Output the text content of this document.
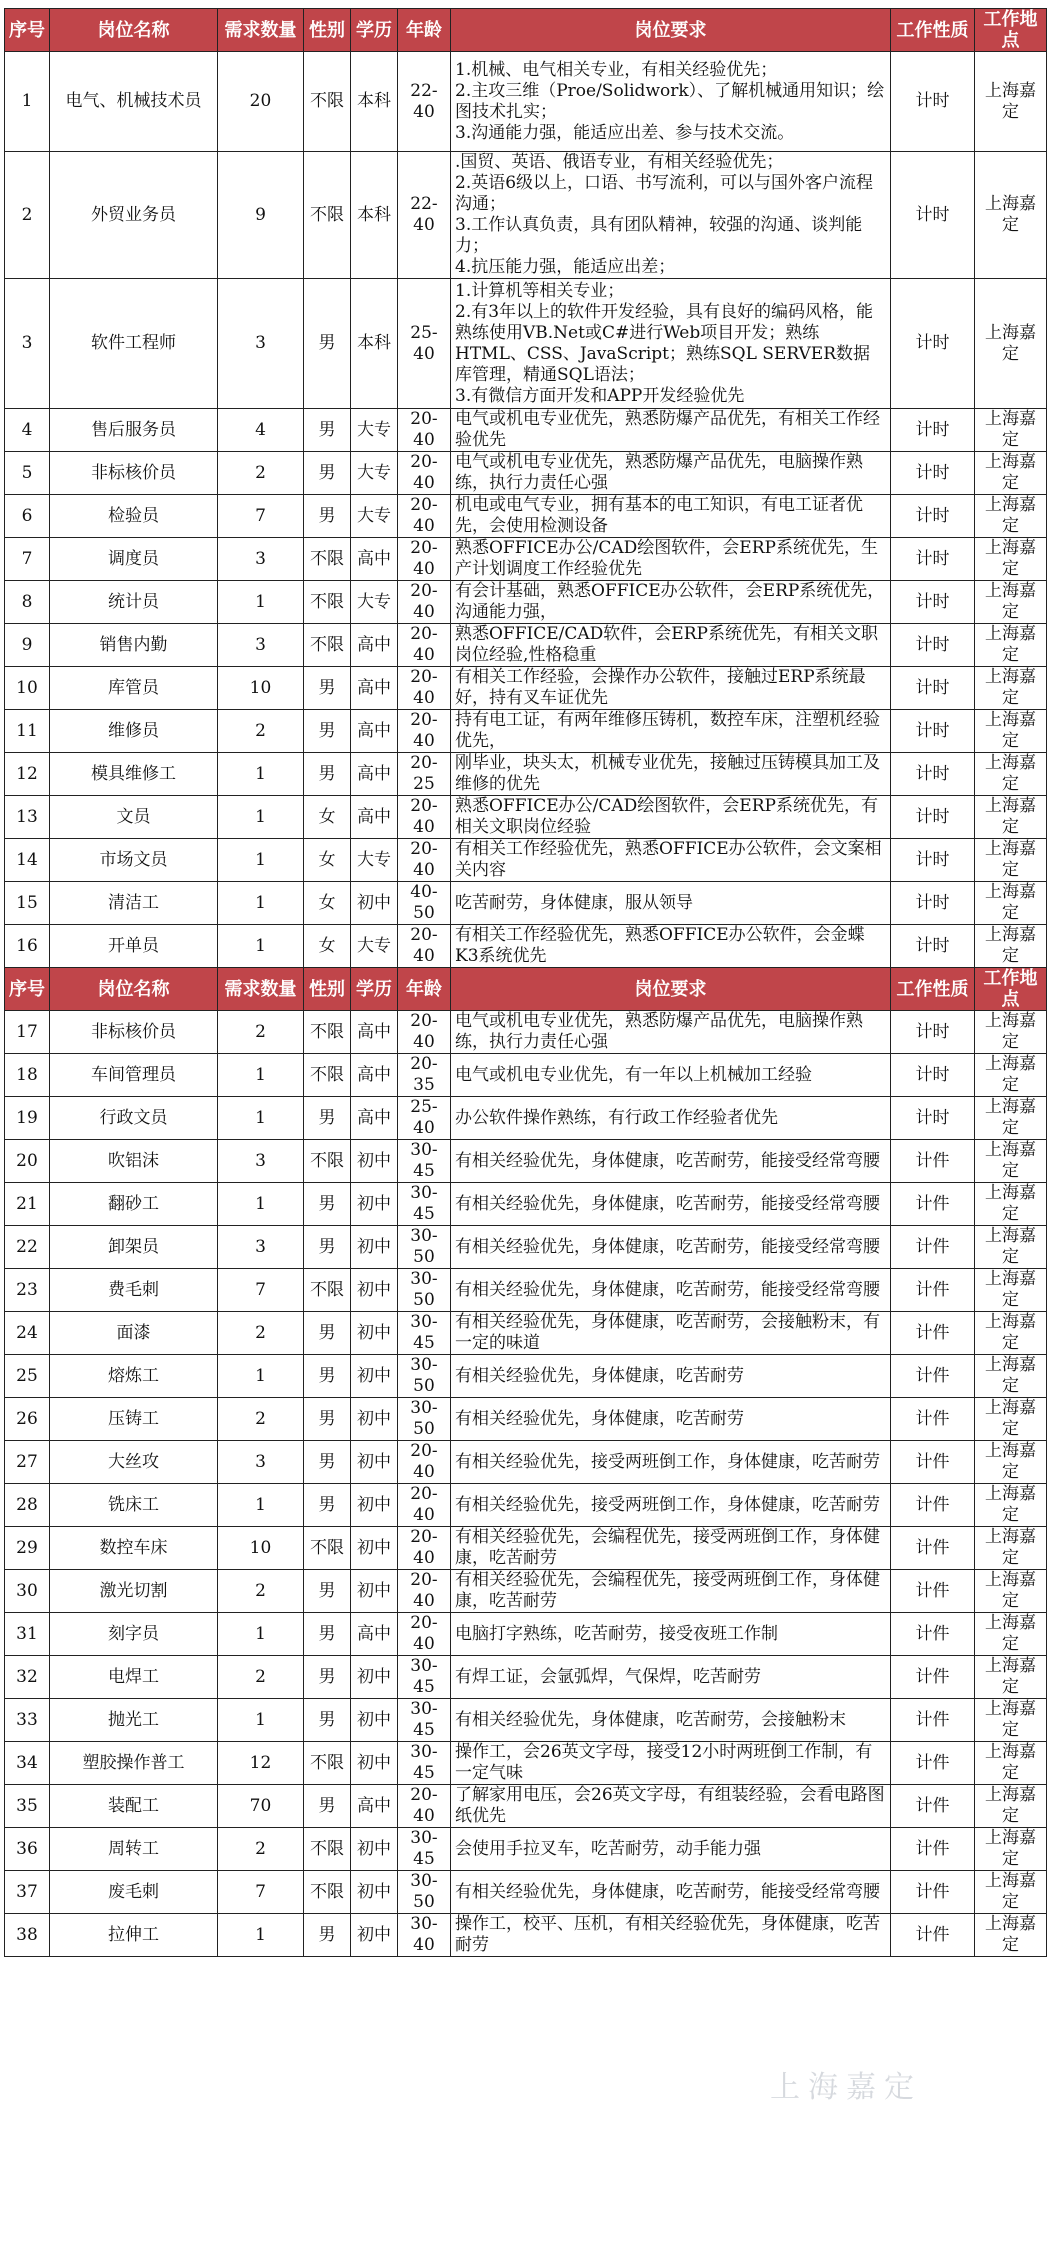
序号	岗位名称	需求数量	性别	学历	年龄	岗位要求	工作性质	工作地点
1	电气、机械技术员	20	不限	本科	22-40	1.机械、电气相关专业，有相关经验优先；
2.主攻三维（Proe/Solidwork）、了解机械通用知识；绘图技术扎实；
3.沟通能力强，能适应出差、参与技术交流。	计时	上海嘉定
2	外贸业务员	9	不限	本科	22-40	.国贸、英语、俄语专业，有相关经验优先；
2.英语6级以上，口语、书写流利，可以与国外客户流程沟通；
3.工作认真负责，具有团队精神，较强的沟通、谈判能力；
4.抗压能力强，能适应出差；	计时	上海嘉定
3	软件工程师	3	男	本科	25-40	1.计算机等相关专业；
2.有3年以上的软件开发经验，具有良好的编码风格，能熟练使用VB.Net或C#进行Web项目开发；熟练HTML、CSS、JavaScript；熟练SQL SERVER数据库管理，精通SQL语法；
3.有微信方面开发和APP开发经验优先	计时	上海嘉定
4	售后服务员	4	男	大专	20-40	电气或机电专业优先，熟悉防爆产品优先，有相关工作经验优先	计时	上海嘉定
5	非标核价员	2	男	大专	20-40	电气或机电专业优先，熟悉防爆产品优先，电脑操作熟练，执行力责任心强	计时	上海嘉定
6	检验员	7	男	大专	20-40	机电或电气专业，拥有基本的电工知识，有电工证者优先，会使用检测设备	计时	上海嘉定
7	调度员	3	不限	高中	20-40	熟悉OFFICE办公/CAD绘图软件，会ERP系统优先，生产计划调度工作经验优先	计时	上海嘉定
8	统计员	1	不限	大专	20-40	有会计基础，熟悉OFFICE办公软件，会ERP系统优先，沟通能力强，	计时	上海嘉定
9	销售内勤	3	不限	高中	20-40	熟悉OFFICE/CAD软件，会ERP系统优先，有相关文职岗位经验,性格稳重	计时	上海嘉定
10	库管员	10	男	高中	20-40	有相关工作经验，会操作办公软件，接触过ERP系统最好，持有叉车证优先	计时	上海嘉定
11	维修员	2	男	高中	20-40	持有电工证，有两年维修压铸机，数控车床，注塑机经验优先，	计时	上海嘉定
12	模具维修工	1	男	高中	20-25	刚毕业，块头太，机械专业优先，接触过压铸模具加工及维修的优先	计时	上海嘉定
13	文员	1	女	高中	20-40	熟悉OFFICE办公/CAD绘图软件，会ERP系统优先，有相关文职岗位经验	计时	上海嘉定
14	市场文员	1	女	大专	20-40	有相关工作经验优先，熟悉OFFICE办公软件，会文案相关内容	计时	上海嘉定
15	清洁工	1	女	初中	40-50	吃苦耐劳，身体健康，服从领导	计时	上海嘉定
16	开单员	1	女	大专	20-40	有相关工作经验优先，熟悉OFFICE办公软件，会金蝶K3系统优先	计时	上海嘉定
序号	岗位名称	需求数量	性别	学历	年龄	岗位要求	工作性质	工作地点
17	非标核价员	2	不限	高中	20-40	电气或机电专业优先，熟悉防爆产品优先，电脑操作熟练，执行力责任心强	计时	上海嘉定
18	车间管理员	1	不限	高中	20-35	电气或机电专业优先，有一年以上机械加工经验	计时	上海嘉定
19	行政文员	1	男	高中	25-40	办公软件操作熟练，有行政工作经验者优先	计时	上海嘉定
20	吹铝沫	3	不限	初中	30-45	有相关经验优先，身体健康，吃苦耐劳，能接受经常弯腰	计件	上海嘉定
21	翻砂工	1	男	初中	30-45	有相关经验优先，身体健康，吃苦耐劳，能接受经常弯腰	计件	上海嘉定
22	卸架员	3	男	初中	30-50	有相关经验优先，身体健康，吃苦耐劳，能接受经常弯腰	计件	上海嘉定
23	费毛刺	7	不限	初中	30-50	有相关经验优先，身体健康，吃苦耐劳，能接受经常弯腰	计件	上海嘉定
24	面漆	2	男	初中	30-45	有相关经验优先，身体健康，吃苦耐劳，会接触粉末，有一定的味道	计件	上海嘉定
25	熔炼工	1	男	初中	30-50	有相关经验优先，身体健康，吃苦耐劳	计件	上海嘉定
26	压铸工	2	男	初中	30-50	有相关经验优先，身体健康，吃苦耐劳	计件	上海嘉定
27	大丝攻	3	男	初中	20-40	有相关经验优先，接受两班倒工作，身体健康，吃苦耐劳	计件	上海嘉定
28	铣床工	1	男	初中	20-40	有相关经验优先，接受两班倒工作，身体健康，吃苦耐劳	计件	上海嘉定
29	数控车床	10	不限	初中	20-40	有相关经验优先，会编程优先，接受两班倒工作，身体健康，吃苦耐劳	计件	上海嘉定
30	激光切割	2	男	初中	20-40	有相关经验优先，会编程优先，接受两班倒工作，身体健康，吃苦耐劳	计件	上海嘉定
31	刻字员	1	男	高中	20-40	电脑打字熟练，吃苦耐劳，接受夜班工作制	计件	上海嘉定
32	电焊工	2	男	初中	30-45	有焊工证，会氩弧焊，气保焊，吃苦耐劳	计件	上海嘉定
33	抛光工	1	男	初中	30-45	有相关经验优先，身体健康，吃苦耐劳，会接触粉末	计件	上海嘉定
34	塑胶操作普工	12	不限	初中	30-45	操作工，会26英文字母，接受12小时两班倒工作制，有一定气味	计件	上海嘉定
35	装配工	70	男	高中	20-40	了解家用电压，会26英文字母，有组装经验，会看电路图纸优先	计件	上海嘉定
36	周转工	2	不限	初中	30-45	会使用手拉叉车，吃苦耐劳，动手能力强	计件	上海嘉定
37	废毛刺	7	不限	初中	30-50	有相关经验优先，身体健康，吃苦耐劳，能接受经常弯腰	计件	上海嘉定
38	拉伸工	1	男	初中	30-40	操作工，校平、压机，有相关经验优先，身体健康，吃苦耐劳	计件	上海嘉定
上海嘉定
